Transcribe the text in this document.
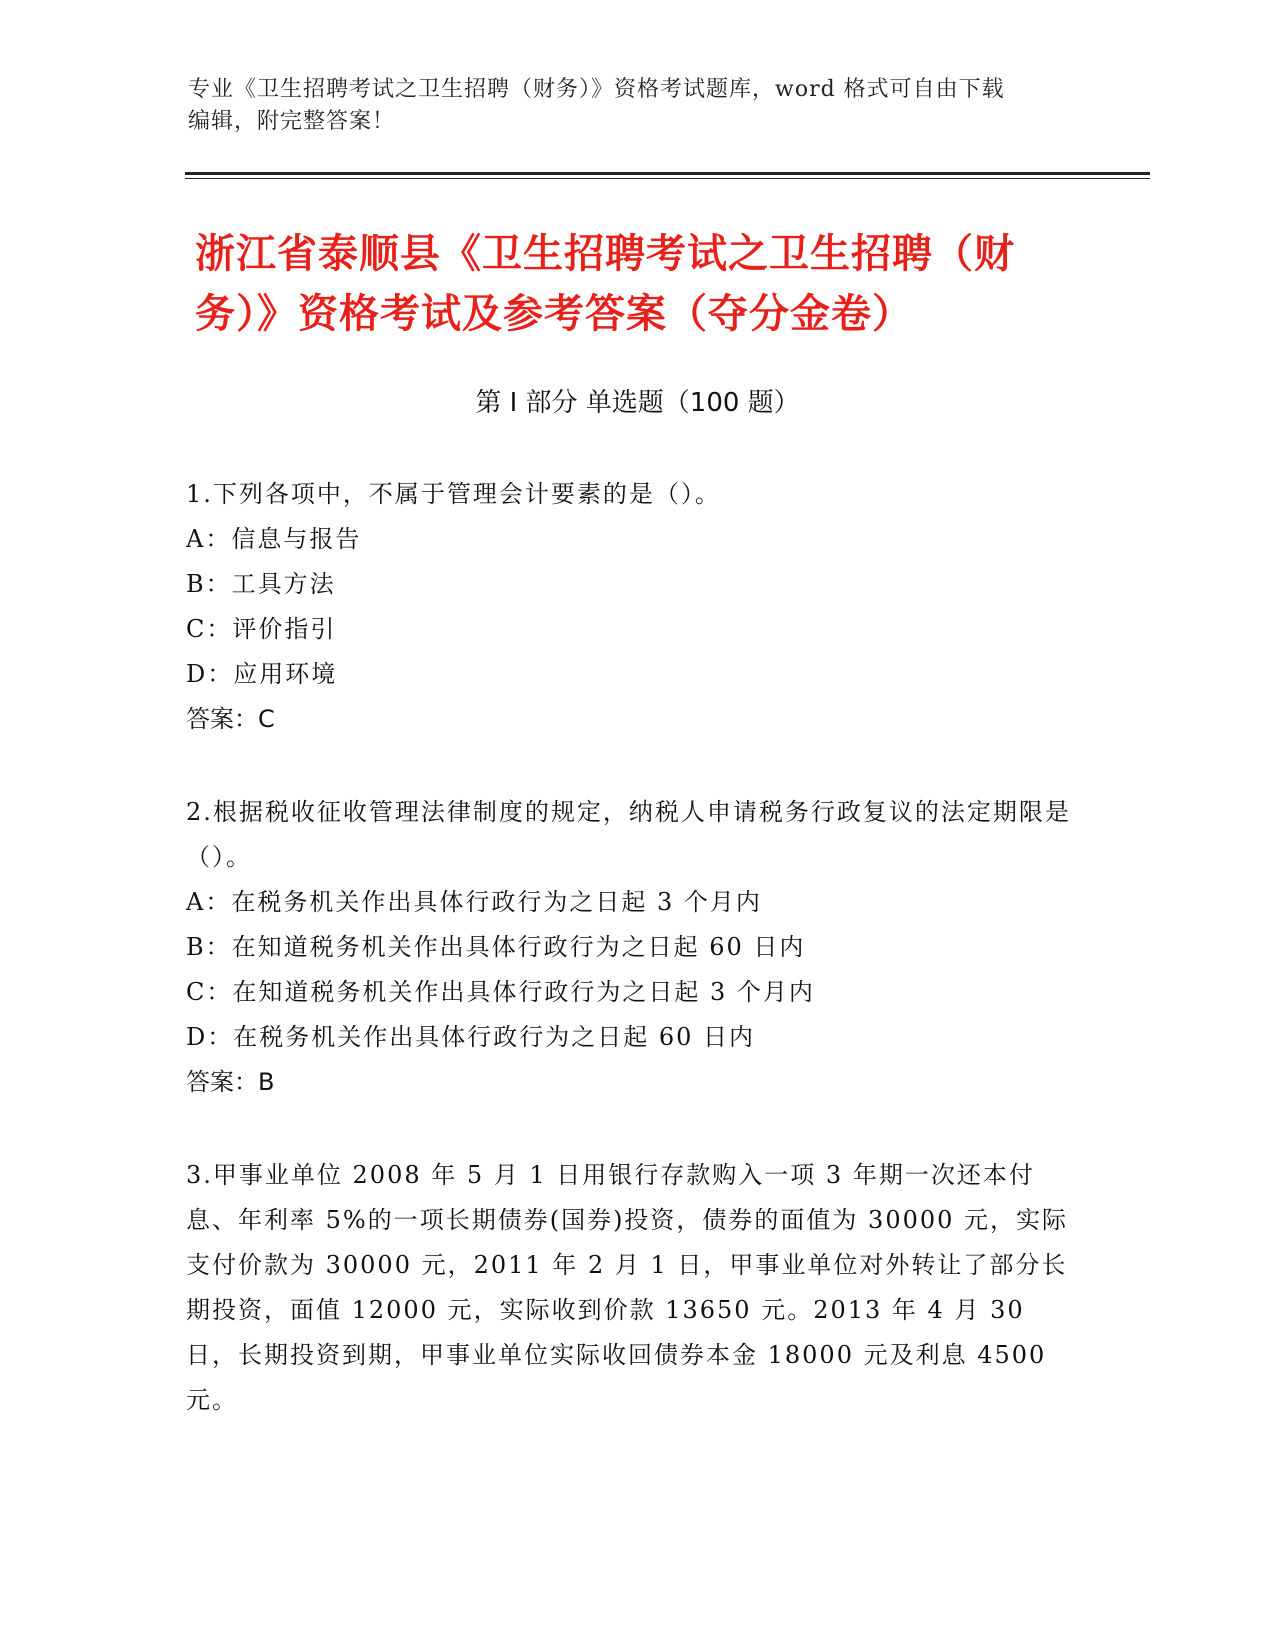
专业《卫生招聘考试之卫生招聘（财务）》资格考试题库，word 格式可自由下载
编辑，附完整答案！
浙江省泰顺县《卫生招聘考试之卫生招聘（财务）》资格考试及参考答案（夺分金卷）
第 I 部分 单选题（100 题）
1.下列各项中，不属于管理会计要素的是（）。
A：信息与报告
B：工具方法
C：评价指引
D：应用环境
答案：C
2.根据税收征收管理法律制度的规定，纳税人申请税务行政复议的法定期限是（）。
A：在税务机关作出具体行政行为之日起 3 个月内
B：在知道税务机关作出具体行政行为之日起 60 日内
C：在知道税务机关作出具体行政行为之日起 3 个月内
D：在税务机关作出具体行政行为之日起 60 日内
答案：B
3.甲事业单位 2008 年 5 月 1 日用银行存款购入一项 3 年期一次还本付息、年利率 5%的一项长期债券(国券)投资，债券的面值为 30000 元，实际支付价款为 30000 元，2011 年 2 月 1 日，甲事业单位对外转让了部分长期投资，面值 12000 元，实际收到价款 13650 元。2013 年 4 月 30 日，长期投资到期，甲事业单位实际收回债券本金 18000 元及利息 4500 元。
